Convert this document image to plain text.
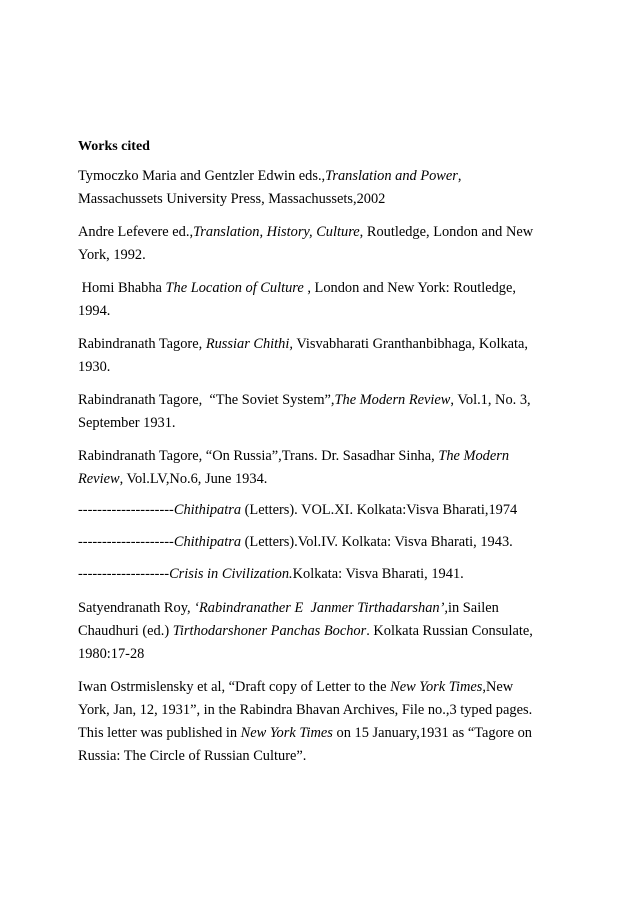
Works cited
Tymoczko Maria and Gentzler Edwin eds.,Translation and Power,
Massachussets University Press, Massachussets,2002
Andre Lefevere ed.,Translation, History, Culture, Routledge, London and New
York, 1992.
Homi Bhabha The Location of Culture , London and New York: Routledge,
1994.
Rabindranath Tagore, Russiar Chithi, Visvabharati Granthanbibhaga, Kolkata,
1930.
Rabindranath Tagore,  “The Soviet System”,The Modern Review, Vol.1, No. 3,
September 1931.
Rabindranath Tagore, “On Russia”,Trans. Dr. Sasadhar Sinha, The Modern
Review, Vol.LV,No.6, June 1934.
--------------------Chithipatra (Letters). VOL.XI. Kolkata:Visva Bharati,1974
--------------------Chithipatra (Letters).Vol.IV. Kolkata: Visva Bharati, 1943.
-------------------Crisis in Civilization.Kolkata: Visva Bharati, 1941.
Satyendranath Roy, ‘Rabindranather E  Janmer Tirthadarshan’,in Sailen
Chaudhuri (ed.) Tirthodarshoner Panchas Bochor. Kolkata Russian Consulate,
1980:17-28
Iwan Ostrmislensky et al, “Draft copy of Letter to the New York Times,New
York, Jan, 12, 1931”, in the Rabindra Bhavan Archives, File no.,3 typed pages.
This letter was published in New York Times on 15 January,1931 as “Tagore on
Russia: The Circle of Russian Culture”.
